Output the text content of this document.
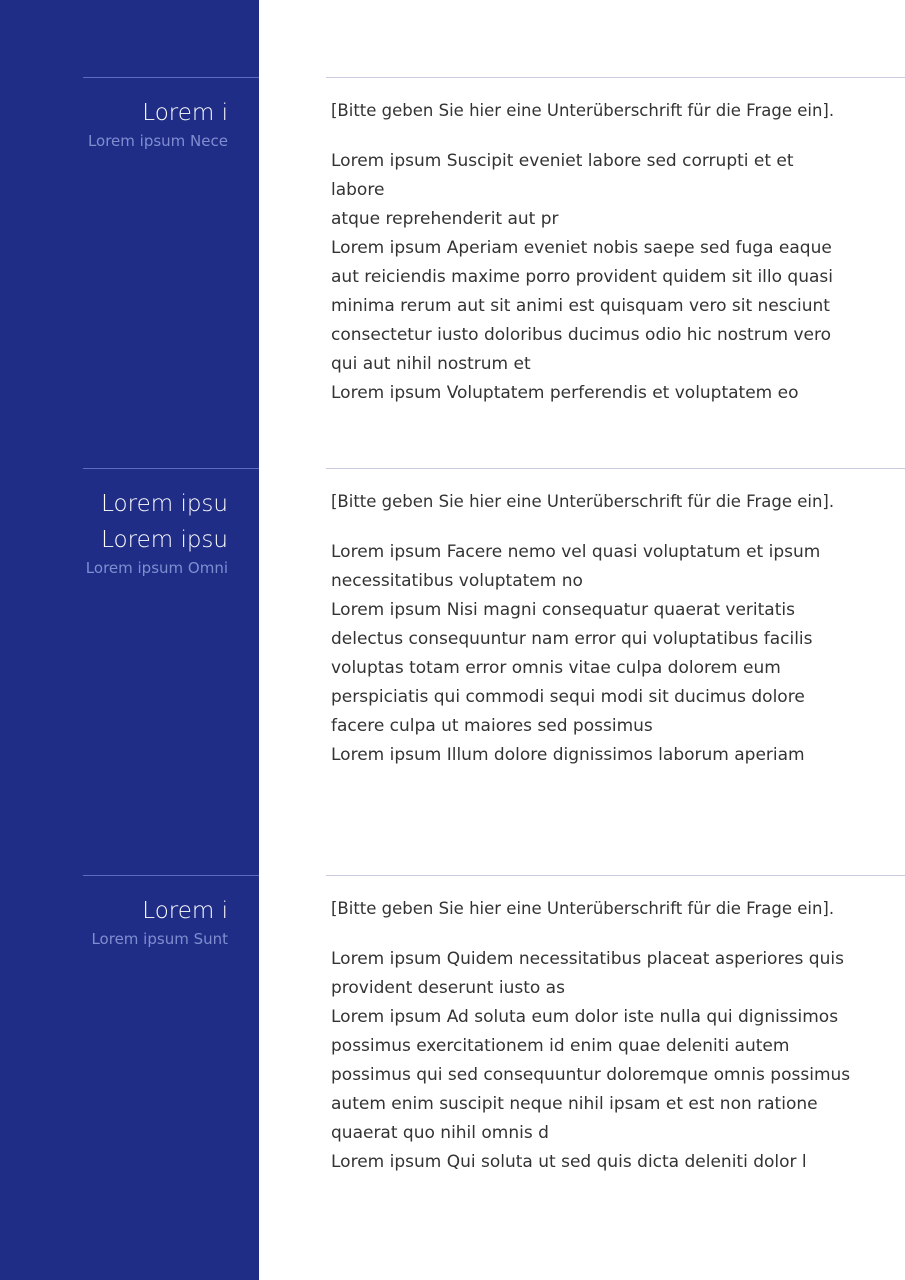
Lorem i
Lorem ipsum Nece
[Bitte geben Sie hier eine Unterüberschrift für die Frage ein].
Lorem ipsum Suscipit eveniet labore sed corrupti et et labore
atque reprehenderit aut pr
Lorem ipsum Aperiam eveniet nobis saepe sed fuga eaque
aut reiciendis maxime porro provident quidem sit illo quasi
minima rerum aut sit animi est quisquam vero sit nesciunt
consectetur iusto doloribus ducimus odio hic nostrum vero
qui aut nihil nostrum et
Lorem ipsum Voluptatem perferendis et voluptatem eo
Lorem ipsu
Lorem ipsu
Lorem ipsum Omni
[Bitte geben Sie hier eine Unterüberschrift für die Frage ein].
Lorem ipsum Facere nemo vel quasi voluptatum et ipsum
necessitatibus voluptatem no
Lorem ipsum Nisi magni consequatur quaerat veritatis
delectus consequuntur nam error qui voluptatibus facilis
voluptas totam error omnis vitae culpa dolorem eum
perspiciatis qui commodi sequi modi sit ducimus dolore
facere culpa ut maiores sed possimus
Lorem ipsum Illum dolore dignissimos laborum aperiam
Lorem i
Lorem ipsum Sunt
[Bitte geben Sie hier eine Unterüberschrift für die Frage ein].
Lorem ipsum Quidem necessitatibus placeat asperiores quis
provident deserunt iusto as
Lorem ipsum Ad soluta eum dolor iste nulla qui dignissimos
possimus exercitationem id enim quae deleniti autem
possimus qui sed consequuntur doloremque omnis possimus
autem enim suscipit neque nihil ipsam et est non ratione
quaerat quo nihil omnis d
Lorem ipsum Qui soluta ut sed quis dicta deleniti dolor l
